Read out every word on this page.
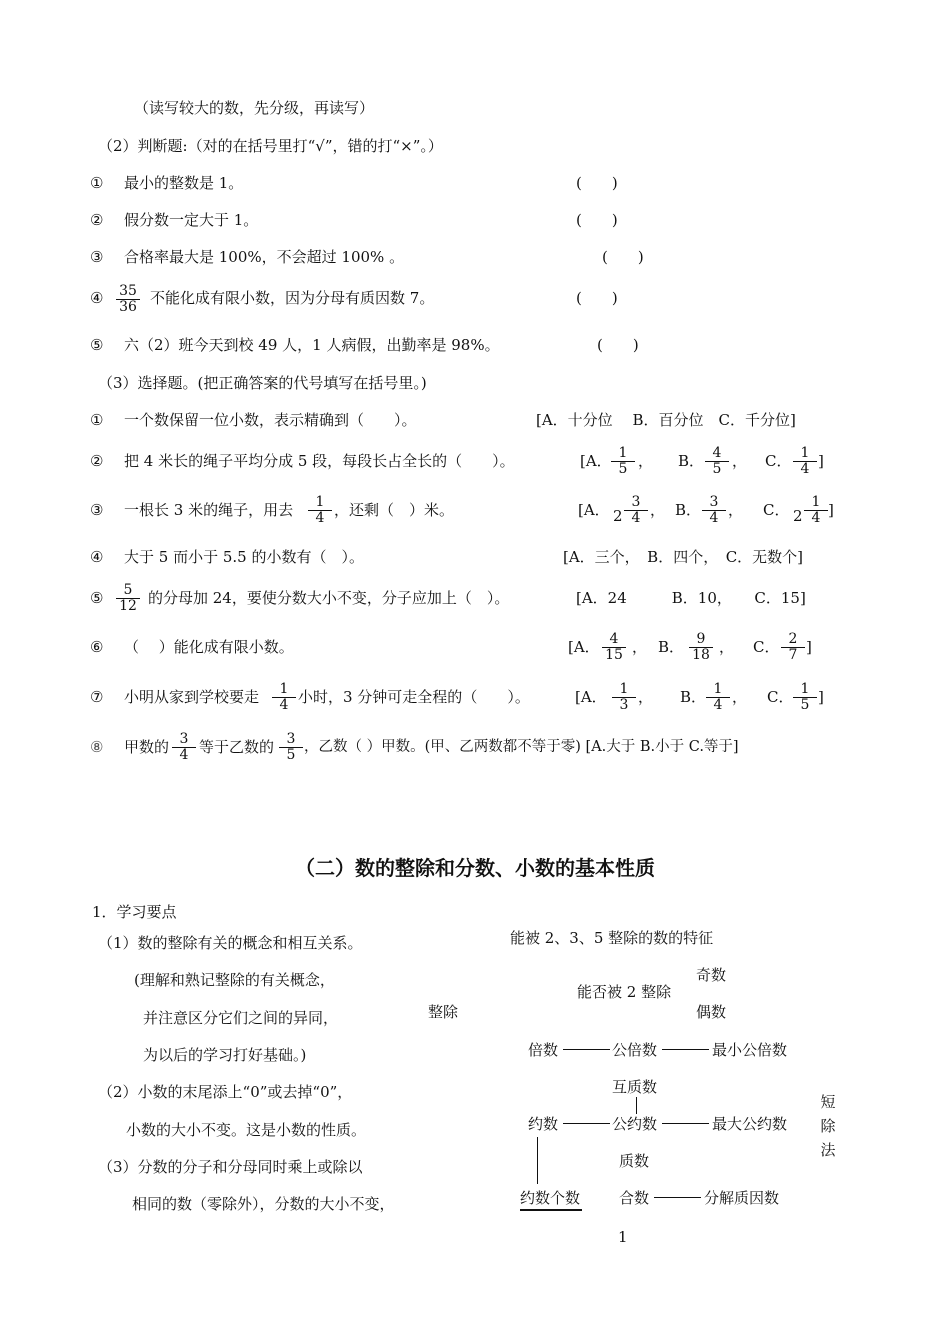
（读写较大的数，先分级，再读写）
（2）判断题:（对的在括号里打“√”，错的打“×”。）
① 最小的整数是 1。	(　　)
② 假分数一定大于 1。	(　　)
③ 合格率最大是 100%，不会超过 100% 。	(　　)
④ $\frac{35}{36}$ 不能化成有限小数，因为分母有质因数 7。	(　　)
⑤ 六（2）班今天到校 49 人，1 人病假，出勤率是 98%。	(　　)
（3）选择题。(把正确答案的代号填写在括号里。)
① 一个数保留一位小数，表示精确到（　　）。	[A．十分位　 B．百分位　C．千分位]
② 把 4 米长的绳子平均分成 5 段，每段长占全长的（　　）。	[A． $\frac{1}{5}$ ， B． $\frac{4}{5}$ ， C． $\frac{1}{4}$ ]
③ 一根长 3 米的绳子，用去 $\frac{1}{4}$ ，还剩（　）米。	[A． $2 \frac{3}{4}$ ， B． $\frac{3}{4}$ ， C． $2 \frac{1}{4}$ ]
④ 大于 5 而小于 5.5 的小数有（　）。	[A．三个，　B．四个，　C．无数个]
⑤ $\frac{5}{12}$ 的分母加 24，要使分数大小不变，分子应加上（　）。	[A．24　　　B．10，　　C．15]
⑥ （　 ）能化成有限小数。	[A． $\frac{4}{15}$ ， B． $\frac{9}{18}$ ， C． $\frac{2}{7}$ ]
⑦ 小明从家到学校要走 $\frac{1}{4}$ 小时，3 分钟可走全程的（　　）。	[A． $\frac{1}{3}$ ， B． $\frac{1}{4}$ ， C． $\frac{1}{5}$ ]
⑧ 甲数的 $\frac{3}{4}$ 等于乙数的 $\frac{3}{5}$ ，乙数（ ）甲数。(甲、乙两数都不等于零) [A.大于 B.小于 C.等于]
（二）数的整除和分数、小数的基本性质
1．学习要点
（1）数的整除有关的概念和相互关系。
(理解和熟记整除的有关概念，
并注意区分它们之间的异同，
为以后的学习打好基础。)
（2）小数的末尾添上“0”或去掉“0”，
小数的大小不变。这是小数的性质。
（3）分数的分子和分母同时乘上或除以
相同的数（零除外），分数的大小不变，
整除
能被 2、3、5 整除的数的特征
能否被 2 整除
奇数
偶数
倍数	公倍数	最小公倍数
互质数
约数	公约数	最大公约数
短
除
法
质数
约数个数	合数	分解质因数
1
